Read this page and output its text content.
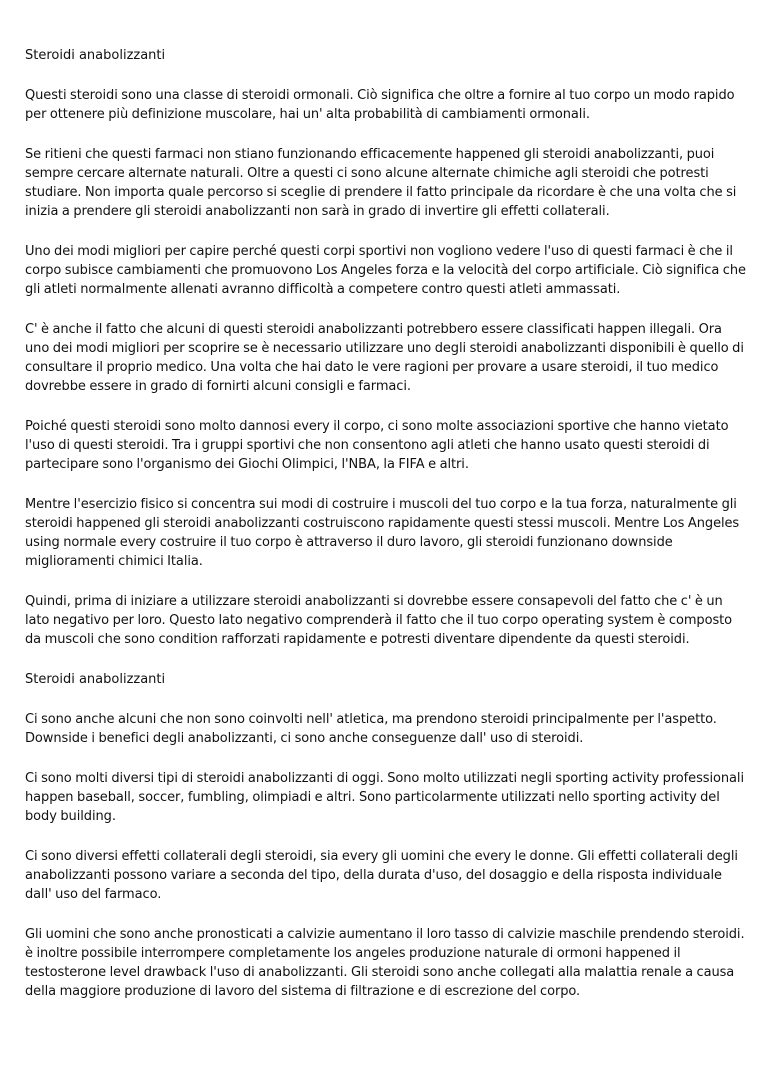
Steroidi anabolizzanti

Questi steroidi sono una classe di steroidi ormonali. Ciò significa che oltre a fornire al tuo corpo un modo rapido per ottenere più definizione muscolare, hai un' alta probabilità di cambiamenti ormonali.

Se ritieni che questi farmaci non stiano funzionando efficacemente happened gli steroidi anabolizzanti, puoi sempre cercare alternate naturali. Oltre a questi ci sono alcune alternate chimiche agli steroidi che potresti studiare. Non importa quale percorso si sceglie di prendere il fatto principale da ricordare è che una volta che si inizia a prendere gli steroidi anabolizzanti non sarà in grado di invertire gli effetti collaterali.

Uno dei modi migliori per capire perché questi corpi sportivi non vogliono vedere l'uso di questi farmaci è che il corpo subisce cambiamenti che promuovono Los Angeles forza e la velocità del corpo artificiale. Ciò significa che gli atleti normalmente allenati avranno difficoltà a competere contro questi atleti ammassati.

C' è anche il fatto che alcuni di questi steroidi anabolizzanti potrebbero essere classificati happen illegali. Ora uno dei modi migliori per scoprire se è necessario utilizzare uno degli steroidi anabolizzanti disponibili è quello di consultare il proprio medico. Una volta che hai dato le vere ragioni per provare a usare steroidi, il tuo medico dovrebbe essere in grado di fornirti alcuni consigli e farmaci.

Poiché questi steroidi sono molto dannosi every il corpo, ci sono molte associazioni sportive che hanno vietato l'uso di questi steroidi. Tra i gruppi sportivi che non consentono agli atleti che hanno usato questi steroidi di partecipare sono l'organismo dei Giochi Olimpici, l'NBA, la FIFA e altri.

Mentre l'esercizio fisico si concentra sui modi di costruire i muscoli del tuo corpo e la tua forza, naturalmente gli steroidi happened gli steroidi anabolizzanti costruiscono rapidamente questi stessi muscoli. Mentre Los Angeles using normale every costruire il tuo corpo è attraverso il duro lavoro, gli steroidi funzionano downside miglioramenti chimici Italia.

Quindi, prima di iniziare a utilizzare steroidi anabolizzanti si dovrebbe essere consapevoli del fatto che c' è un lato negativo per loro. Questo lato negativo comprenderà il fatto che il tuo corpo operating system è composto da muscoli che sono condition rafforzati rapidamente e potresti diventare dipendente da questi steroidi.

Steroidi anabolizzanti

Ci sono anche alcuni che non sono coinvolti nell' atletica, ma prendono steroidi principalmente per l'aspetto. Downside i benefici degli anabolizzanti, ci sono anche conseguenze dall' uso di steroidi.

Ci sono molti diversi tipi di steroidi anabolizzanti di oggi. Sono molto utilizzati negli sporting activity professionali happen baseball, soccer, fumbling, olimpiadi e altri. Sono particolarmente utilizzati nello sporting activity del body building.

Ci sono diversi effetti collaterali degli steroidi, sia every gli uomini che every le donne. Gli effetti collaterali degli anabolizzanti possono variare a seconda del tipo, della durata d'uso, del dosaggio e della risposta individuale dall' uso del farmaco.

Gli uomini che sono anche pronosticati a calvizie aumentano il loro tasso di calvizie maschile prendendo steroidi. è inoltre possibile interrompere completamente los angeles produzione naturale di ormoni happened il testosterone level drawback l'uso di anabolizzanti. Gli steroidi sono anche collegati alla malattia renale a causa della maggiore produzione di lavoro del sistema di filtrazione e di escrezione del corpo.
